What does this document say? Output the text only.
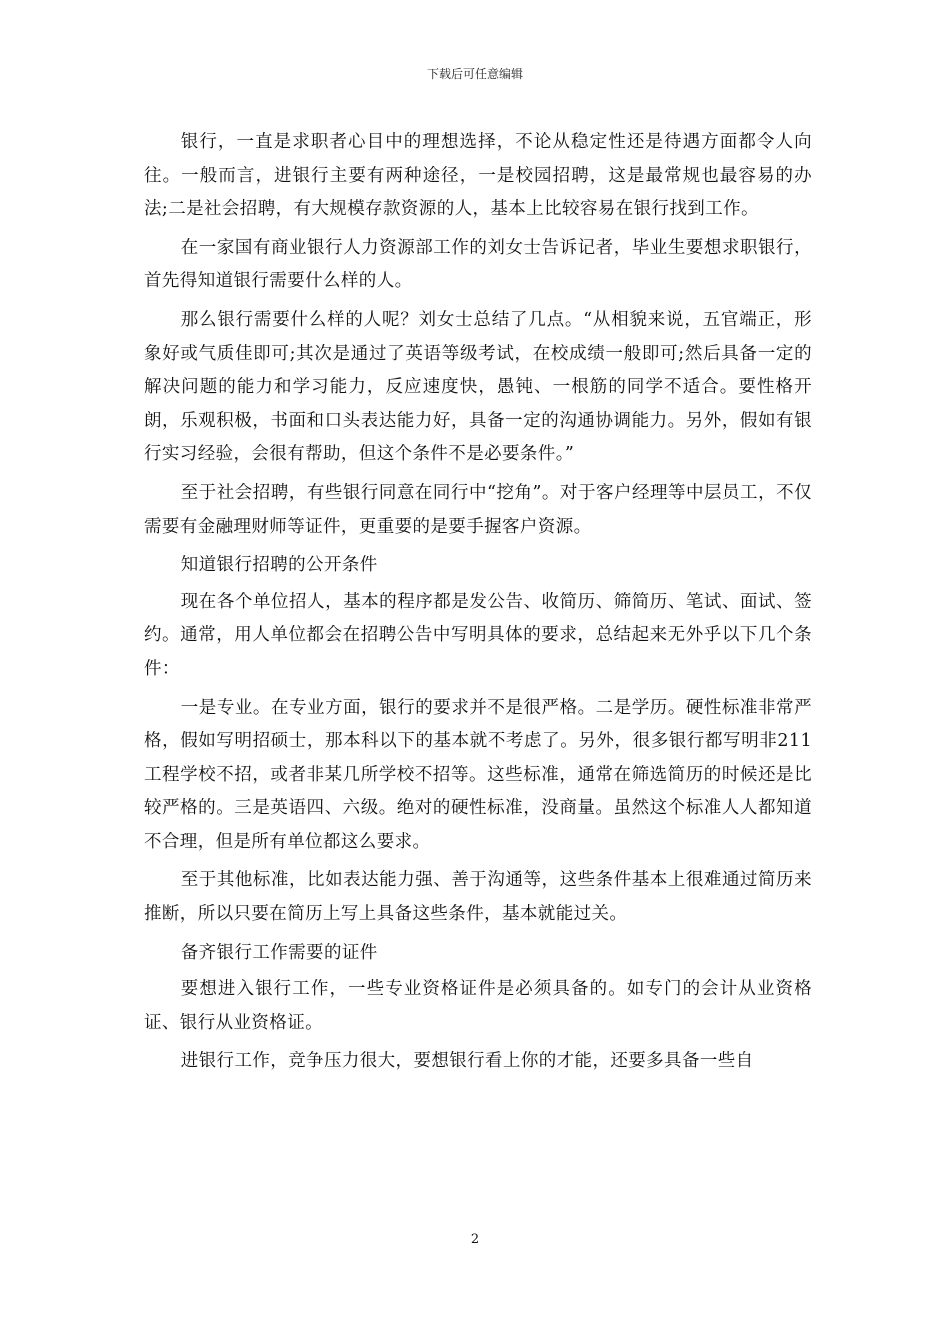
下载后可任意编辑

银行，一直是求职者心目中的理想选择，不论从稳定性还是待遇方面都令人向往。一般而言，进银行主要有两种途径，一是校园招聘，这是最常规也最容易的办法;二是社会招聘，有大规模存款资源的人，基本上比较容易在银行找到工作。

在一家国有商业银行人力资源部工作的刘女士告诉记者，毕业生要想求职银行，首先得知道银行需要什么样的人。

那么银行需要什么样的人呢？刘女士总结了几点。“从相貌来说，五官端正，形象好或气质佳即可;其次是通过了英语等级考试，在校成绩一般即可;然后具备一定的解决问题的能力和学习能力，反应速度快，愚钝、一根筋的同学不适合。要性格开朗，乐观积极，书面和口头表达能力好，具备一定的沟通协调能力。另外，假如有银行实习经验，会很有帮助，但这个条件不是必要条件。”

至于社会招聘，有些银行同意在同行中“挖角”。对于客户经理等中层员工，不仅需要有金融理财师等证件，更重要的是要手握客户资源。

知道银行招聘的公开条件

现在各个单位招人，基本的程序都是发公告、收简历、筛简历、笔试、面试、签约。通常，用人单位都会在招聘公告中写明具体的要求，总结起来无外乎以下几个条件：

一是专业。在专业方面，银行的要求并不是很严格。二是学历。硬性标准非常严格，假如写明招硕士，那本科以下的基本就不考虑了。另外，很多银行都写明非211工程学校不招，或者非某几所学校不招等。这些标准，通常在筛选简历的时候还是比较严格的。三是英语四、六级。绝对的硬性标准，没商量。虽然这个标准人人都知道不合理，但是所有单位都这么要求。

至于其他标准，比如表达能力强、善于沟通等，这些条件基本上很难通过简历来推断，所以只要在简历上写上具备这些条件，基本就能过关。

备齐银行工作需要的证件

要想进入银行工作，一些专业资格证件是必须具备的。如专门的会计从业资格证、银行从业资格证。

进银行工作，竞争压力很大，要想银行看上你的才能，还要多具备一些自

2
